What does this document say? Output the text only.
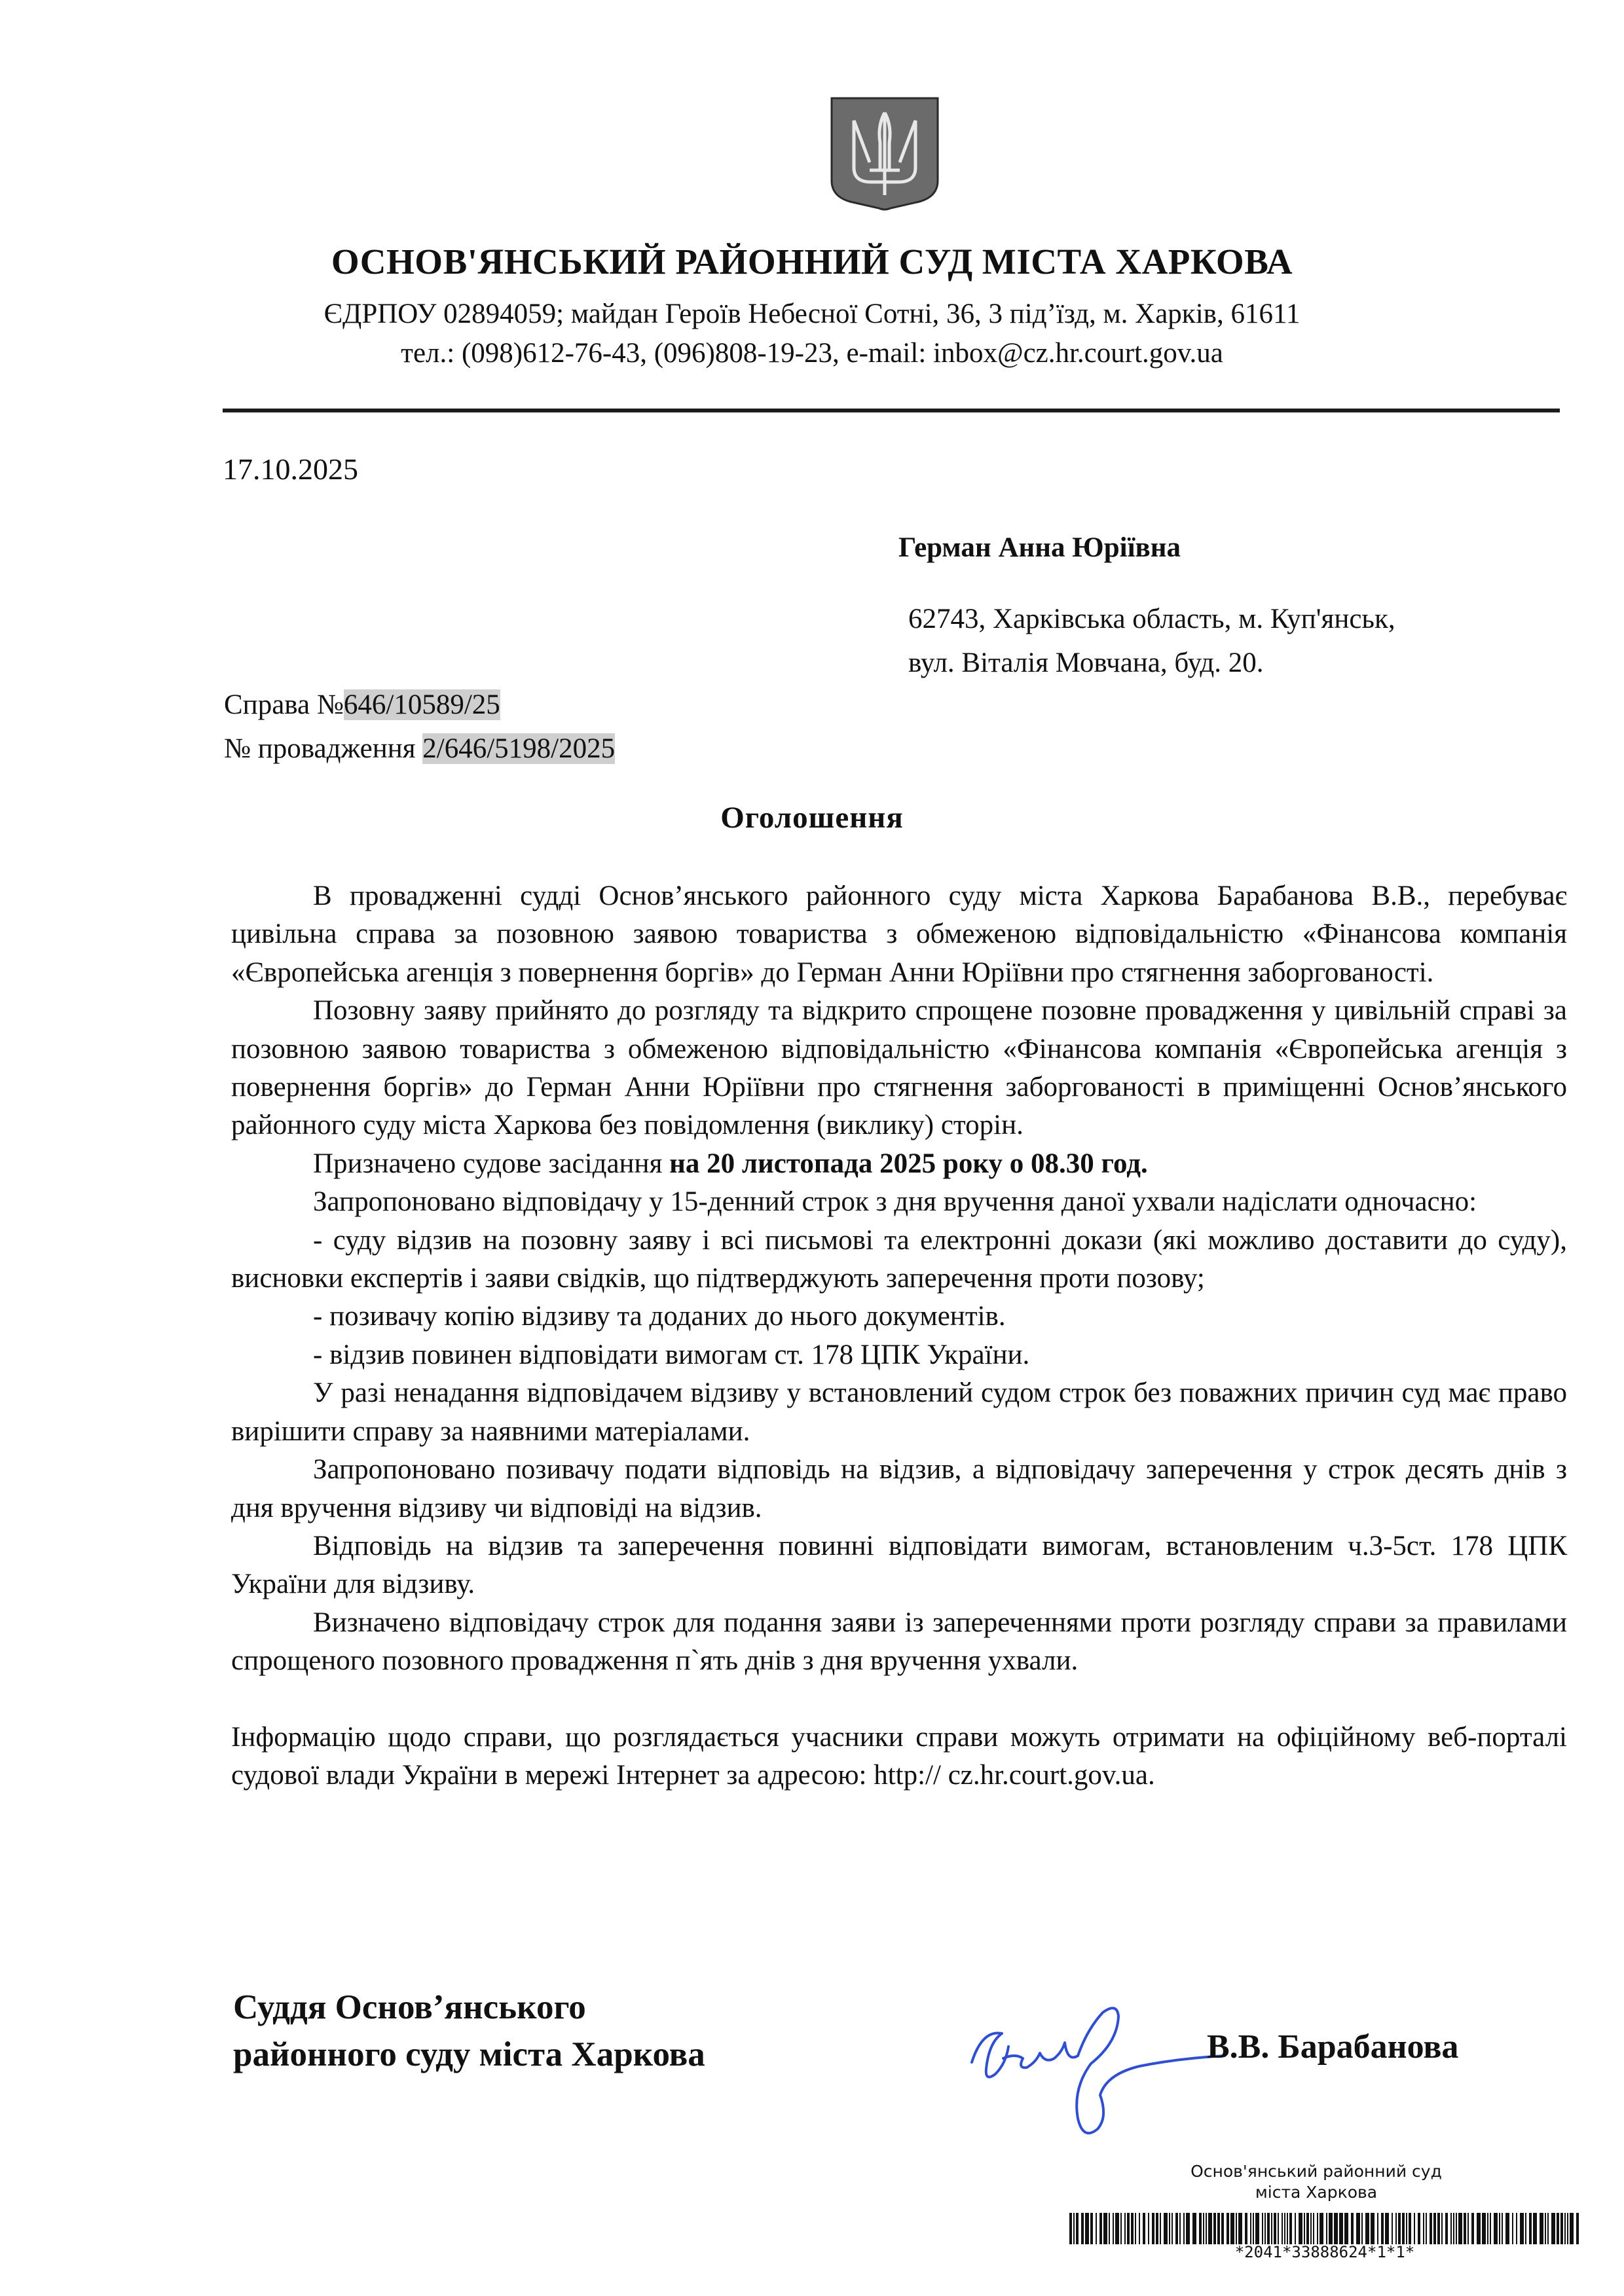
ОСНОВ'ЯНСЬКИЙ РАЙОННИЙ СУД МІСТА ХАРКОВА
ЄДРПОУ 02894059; майдан Героїв Небесної Сотні, 36, 3 під’їзд, м. Харків, 61611
тел.: (098)612-76-43, (096)808-19-23, e-mail: inbox@cz.hr.court.gov.ua
17.10.2025
Герман Анна Юріївна
62743, Харківська область, м. Куп'янськ,
вул. Віталія Мовчана, буд. 20.
Справа №646/10589/25
№ провадження 2/646/5198/2025
Оголошення

В провадженні судді Основ’янського районного суду міста Харкова Барабанова В.В., перебуває цивільна справа за позовною заявою товариства з обмеженою відповідальністю «Фінансова компанія «Європейська агенція з повернення боргів» до Герман Анни Юріївни про стягнення заборгованості.

Позовну заяву прийнято до розгляду та відкрито спрощене позовне провадження у цивільній справі за позовною заявою товариства з обмеженою відповідальністю «Фінансова компанія «Європейська агенція з повернення боргів» до Герман Анни Юріївни про стягнення заборгованості в приміщенні Основ’янського районного суду міста Харкова без повідомлення (виклику) сторін.

Призначено судове засідання на 20 листопада 2025 року о 08.30 год.

Запропоновано відповідачу у 15-денний строк з дня вручення даної ухвали надіслати одночасно:

- суду відзив на позовну заяву і всі письмові та електронні докази (які можливо доставити до суду), висновки експертів і заяви свідків, що підтверджують заперечення проти позову;

- позивачу копію відзиву та доданих до нього документів.

- відзив повинен відповідати вимогам ст. 178 ЦПК України.

У разі ненадання відповідачем відзиву у встановлений судом строк без поважних причин суд має право вирішити справу за наявними матеріалами.

Запропоновано позивачу подати відповідь на відзив, а відповідачу заперечення у строк десять днів з дня вручення відзиву чи відповіді на відзив.

Відповідь на відзив та заперечення повинні відповідати вимогам, встановленим ч.3-5ст. 178 ЦПК України для відзиву.

Визначено відповідачу строк для подання заяви із запереченнями проти розгляду справи за правилами спрощеного позовного провадження п`ять днів з дня вручення ухвали.

Інформацію щодо справи, що розглядається учасники справи можуть отримати на офіційному веб-порталі судової влади України в мережі Інтернет за адресою: http:// cz.hr.court.gov.ua.

Суддя Основ’янського
районного суду міста Харкова	В.В. Барабанова
Основ'янський районний суд
міста Харкова
*2041*33888624*1*1*
